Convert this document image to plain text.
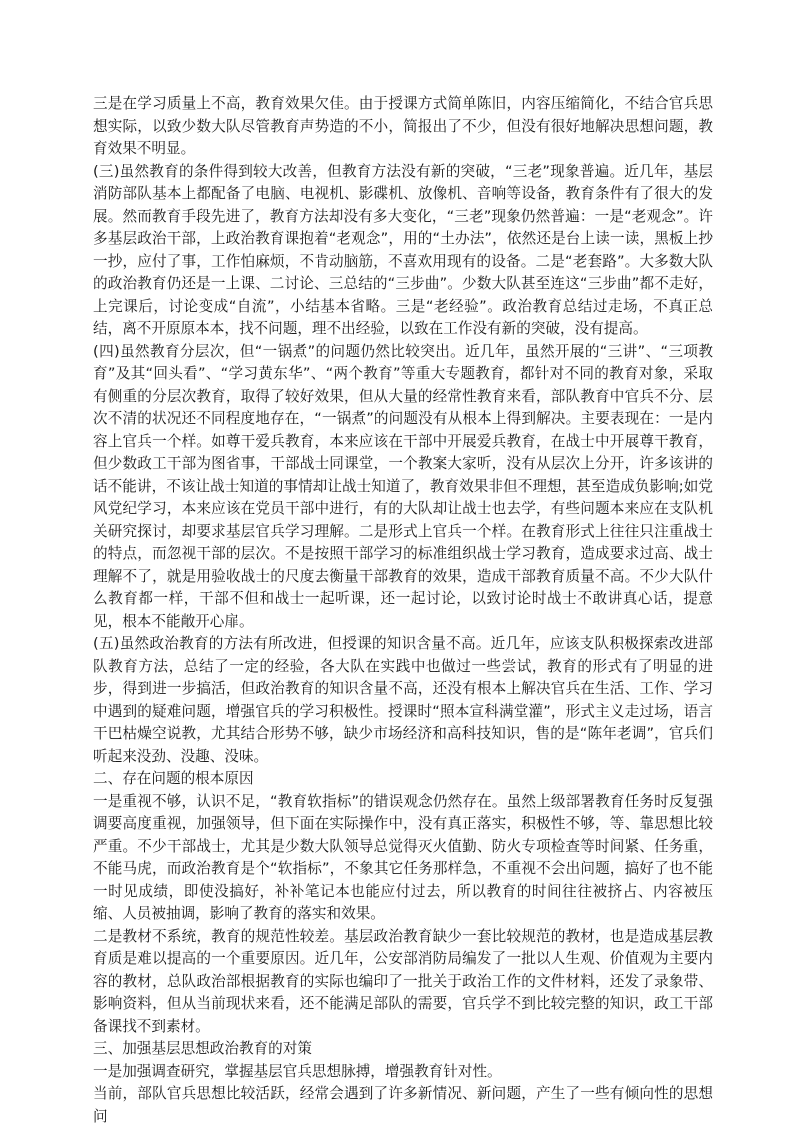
三是在学习质量上不高，教育效果欠佳。由于授课方式简单陈旧，内容压缩简化，不结合官兵思想实际，以致少数大队尽管教育声势造的不小，简报出了不少，但没有很好地解决思想问题，教育效果不明显。

(三)虽然教育的条件得到较大改善，但教育方法没有新的突破，“三老”现象普遍。近几年，基层消防部队基本上都配备了电脑、电视机、影碟机、放像机、音响等设备，教育条件有了很大的发展。然而教育手段先进了，教育方法却没有多大变化，“三老”现象仍然普遍：一是“老观念”。许多基层政治干部，上政治教育课抱着“老观念”，用的“土办法”，依然还是台上读一读，黑板上抄一抄，应付了事，工作怕麻烦，不肯动脑筋，不喜欢用现有的设备。二是“老套路”。大多数大队的政治教育仍还是一上课、二讨论、三总结的“三步曲”。少数大队甚至连这“三步曲”都不走好，上完课后，讨论变成“自流”，小结基本省略。三是“老经验”。政治教育总结过走场，不真正总结，离不开原原本本，找不问题，理不出经验，以致在工作没有新的突破，没有提高。

(四)虽然教育分层次，但“一锅煮”的问题仍然比较突出。近几年，虽然开展的“三讲”、“三项教育”及其“回头看”、“学习黄东华”、“两个教育”等重大专题教育，都针对不同的教育对象，采取有侧重的分层次教育，取得了较好效果，但从大量的经常性教育来看，部队教育中官兵不分、层次不清的状况还不同程度地存在，“一锅煮”的问题没有从根本上得到解决。主要表现在：一是内容上官兵一个样。如尊干爱兵教育，本来应该在干部中开展爱兵教育，在战士中开展尊干教育，但少数政工干部为图省事，干部战士同课堂，一个教案大家听，没有从层次上分开，许多该讲的话不能讲，不该让战士知道的事情却让战士知道了，教育效果非但不理想，甚至造成负影响;如党风党纪学习，本来应该在党员干部中进行，有的大队却让战士也去学，有些问题本来应在支队机关研究探讨，却要求基层官兵学习理解。二是形式上官兵一个样。在教育形式上往往只注重战士的特点，而忽视干部的层次。不是按照干部学习的标准组织战士学习教育，造成要求过高、战士理解不了，就是用验收战士的尺度去衡量干部教育的效果，造成干部教育质量不高。不少大队什么教育都一样，干部不但和战士一起听课，还一起讨论，以致讨论时战士不敢讲真心话，提意见，根本不能敞开心扉。

(五)虽然政治教育的方法有所改进，但授课的知识含量不高。近几年，应该支队积极探索改进部队教育方法，总结了一定的经验，各大队在实践中也做过一些尝试，教育的形式有了明显的进步，得到进一步搞活，但政治教育的知识含量不高，还没有根本上解决官兵在生活、工作、学习中遇到的疑难问题，增强官兵的学习积极性。授课时“照本宣科满堂灌”，形式主义走过场，语言干巴枯燥空说教，尤其结合形势不够，缺少市场经济和高科技知识，售的是“陈年老调”，官兵们听起来没劲、没趣、没味。

二、存在问题的根本原因

一是重视不够，认识不足，“教育软指标”的错误观念仍然存在。虽然上级部署教育任务时反复强调要高度重视，加强领导，但下面在实际操作中，没有真正落实，积极性不够，等、靠思想比较严重。不少干部战士，尤其是少数大队领导总觉得灭火值勤、防火专项检查等时间紧、任务重，不能马虎，而政治教育是个“软指标”，不象其它任务那样急，不重视不会出问题，搞好了也不能一时见成绩，即使没搞好，补补笔记本也能应付过去，所以教育的时间往往被挤占、内容被压缩、人员被抽调，影响了教育的落实和效果。

二是教材不系统，教育的规范性较差。基层政治教育缺少一套比较规范的教材，也是造成基层教育质是难以提高的一个重要原因。近几年，公安部消防局编发了一批以人生观、价值观为主要内容的教材，总队政治部根据教育的实际也编印了一批关于政治工作的文件材料，还发了录象带、影响资料，但从当前现状来看，还不能满足部队的需要，官兵学不到比较完整的知识，政工干部备课找不到素材。

三、加强基层思想政治教育的对策

一是加强调查研究，掌握基层官兵思想脉搏，增强教育针对性。

当前，部队官兵思想比较活跃，经常会遇到了许多新情况、新问题，产生了一些有倾向性的思想问
